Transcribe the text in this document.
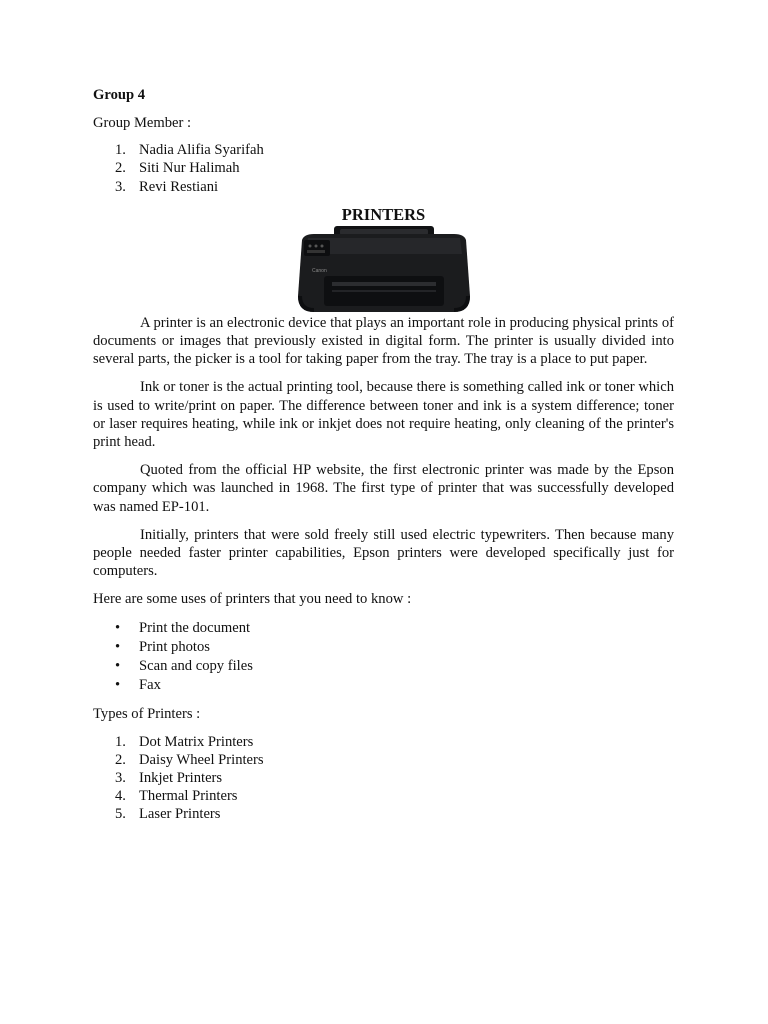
Group 4
Group Member :
1. Nadia Alifia Syarifah
2. Siti Nur Halimah
3. Revi Restiani
PRINTERS
Canon

A printer is an electronic device that plays an important role in producing physical prints of documents or images that previously existed in digital form. The printer is usually divided into several parts, the picker is a tool for taking paper from the tray. The tray is a place to put paper.

Ink or toner is the actual printing tool, because there is something called ink or toner which is used to write/print on paper. The difference between toner and ink is a system difference; toner or laser requires heating, while ink or inkjet does not require heating, only cleaning of the printer's print head.

Quoted from the official HP website, the first electronic printer was made by the Epson company which was launched in 1968. The first type of printer that was successfully developed was named EP-101.

Initially, printers that were sold freely still used electric typewriters. Then because many people needed faster printer capabilities, Epson printers were developed specifically just for computers.

Here are some uses of printers that you need to know :
• Print the document
• Print photos
• Scan and copy files
• Fax
Types of Printers :
1. Dot Matrix Printers
2. Daisy Wheel Printers
3. Inkjet Printers
4. Thermal Printers
5. Laser Printers
